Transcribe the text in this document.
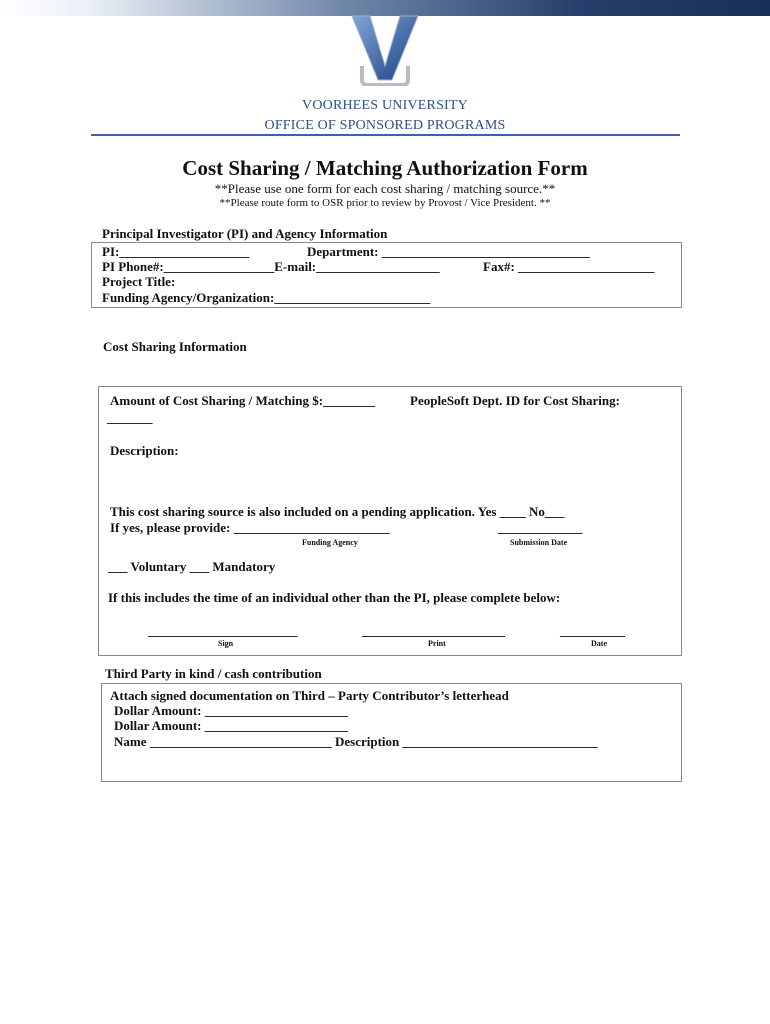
VOORHEES UNIVERSITY
OFFICE OF SPONSORED PROGRAMS
Cost Sharing / Matching Authorization Form
**Please use one form for each cost sharing / matching source.**
**Please route form to OSR prior to review by Provost / Vice President. **
Principal Investigator (PI) and Agency Information
PI:____________________	Department: ________________________________
PI Phone#:_________________E-mail:___________________	Fax#: _____________________
Project Title:
Funding Agency/Organization:________________________
Cost Sharing Information
Amount of Cost Sharing / Matching $:________	PeopleSoft Dept. ID for Cost Sharing:
_______
Description:
This cost sharing source is also included on a pending application. Yes ____ No___
If yes, please provide: ________________________	_____________
Funding Agency	Submission Date
___ Voluntary ___ Mandatory
If this includes the time of an individual other than the PI, please complete below:
_______________________	______________________	__________
Sign	Print	Date
Third Party in kind / cash contribution
Attach signed documentation on Third – Party Contributor’s letterhead
Dollar Amount: ______________________
Dollar Amount: ______________________
Name ____________________________ Description ______________________________
